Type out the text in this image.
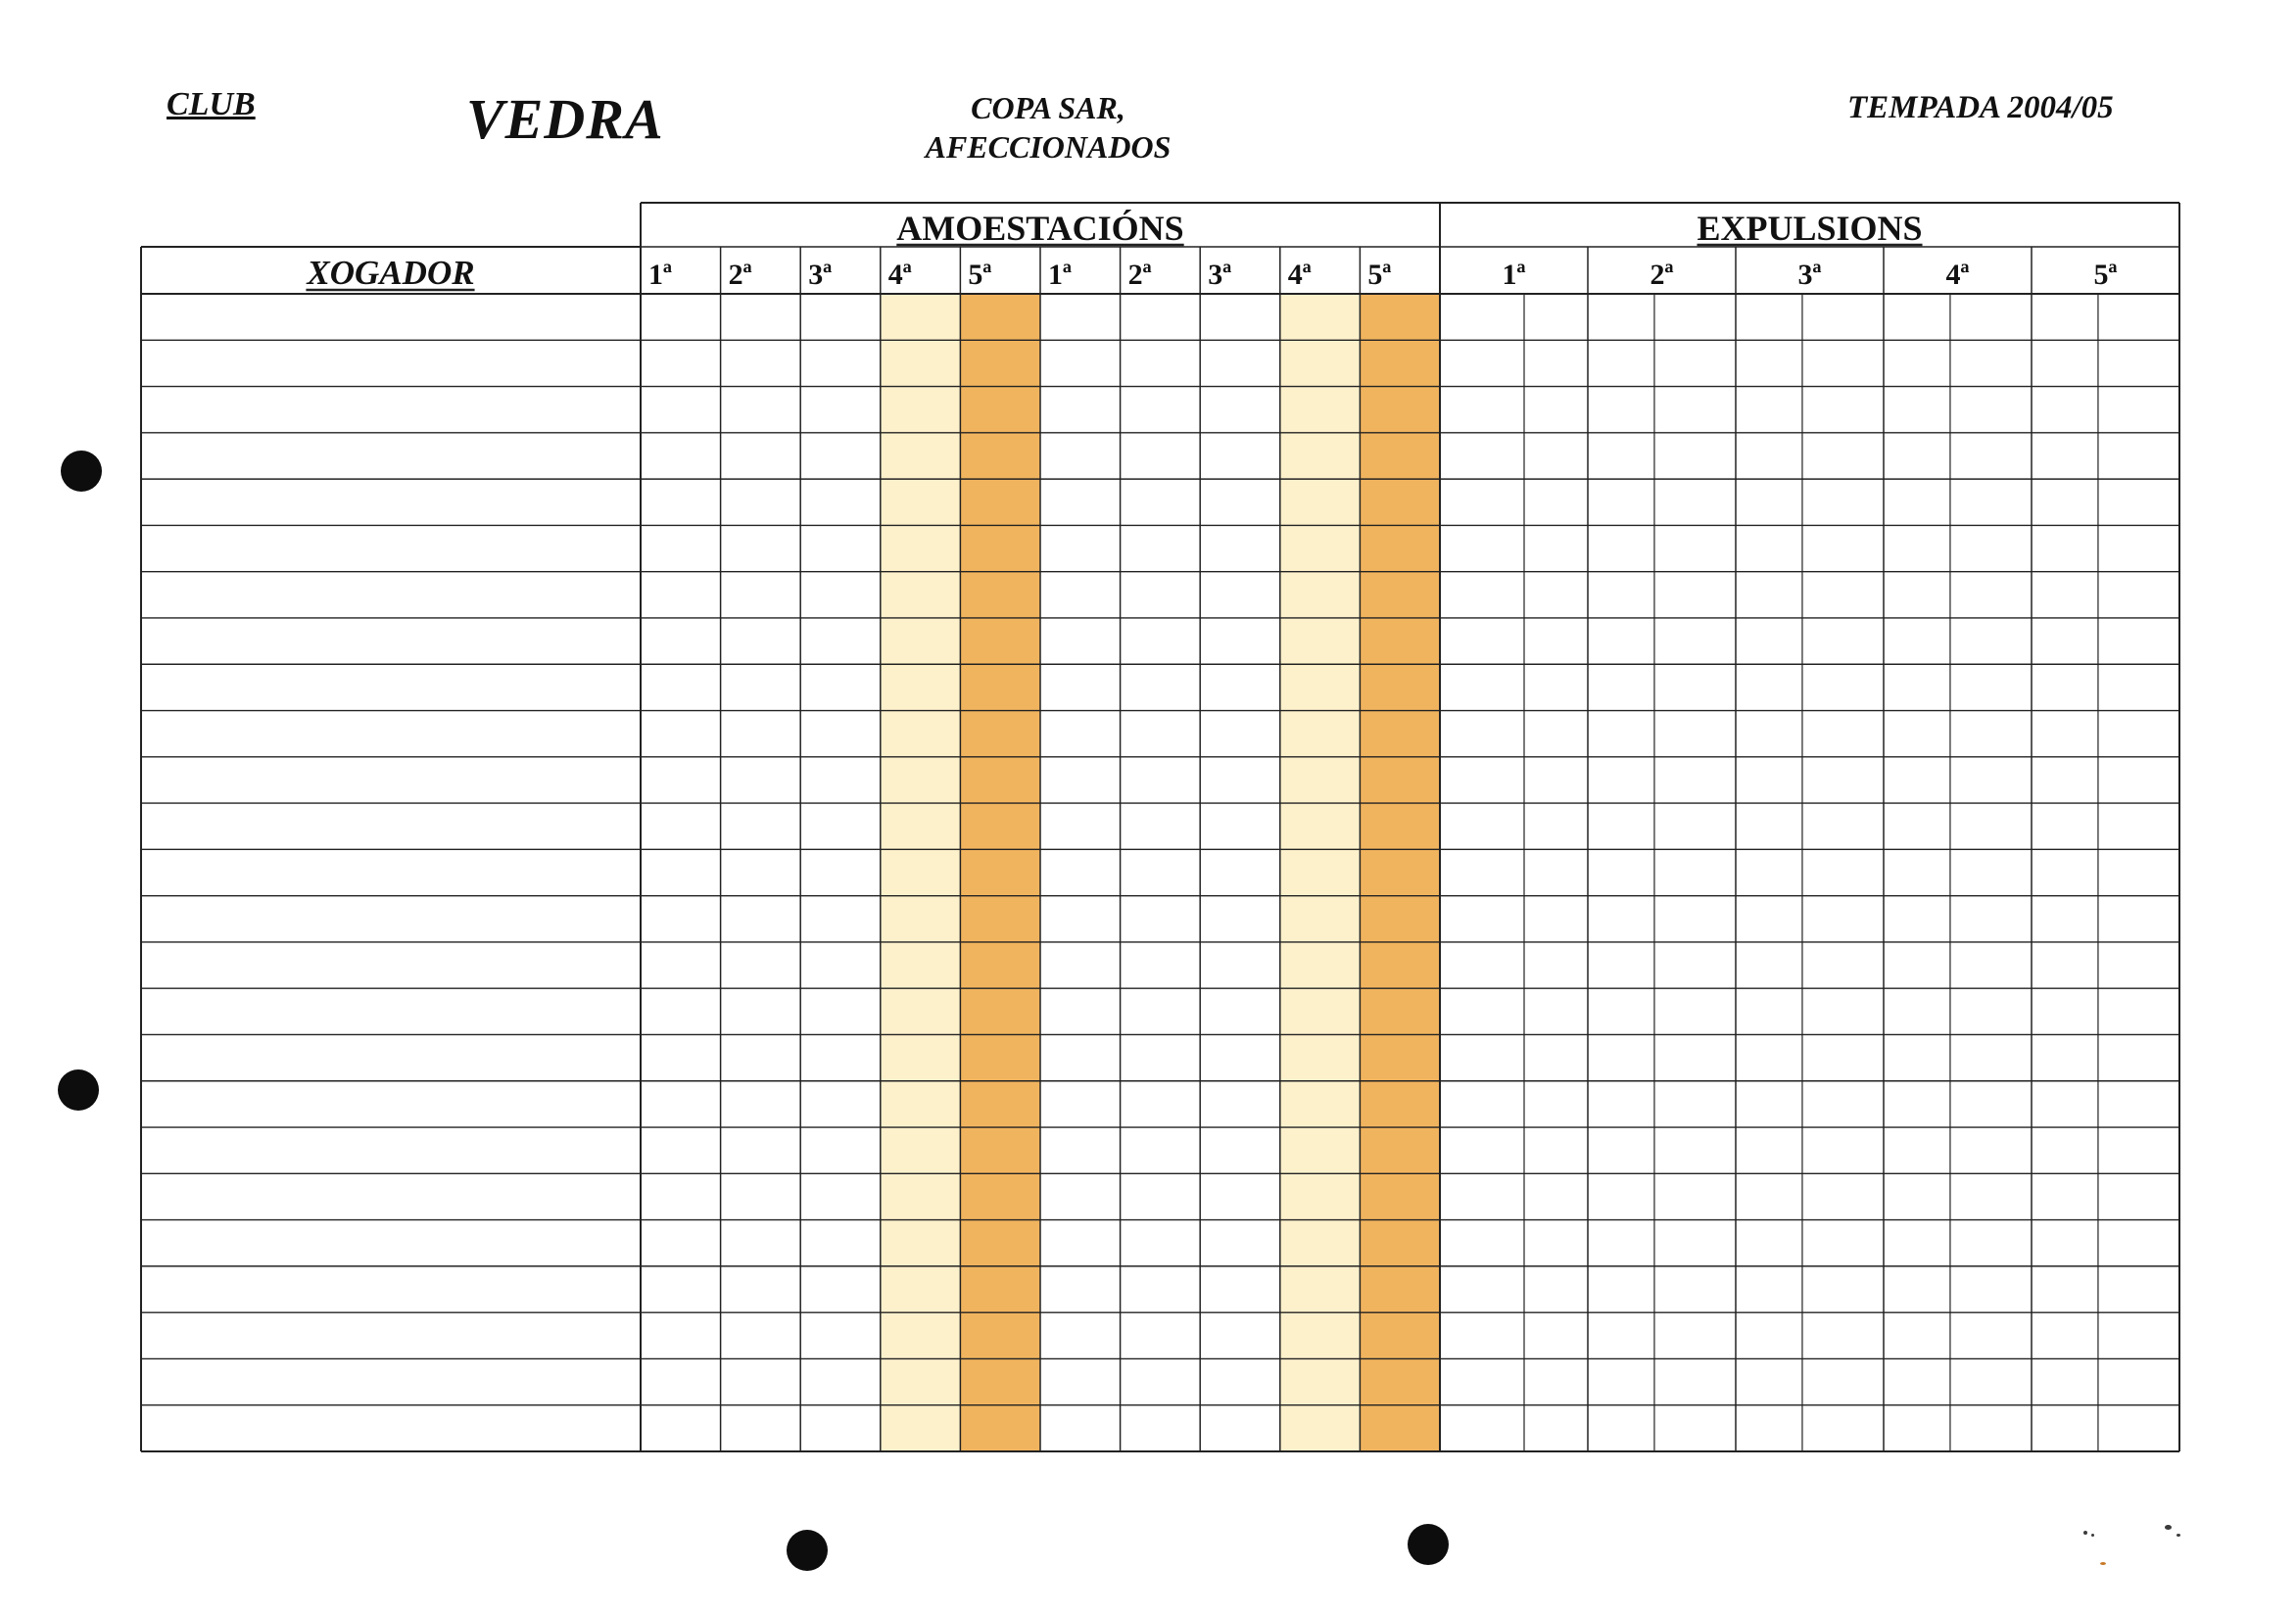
CLUB	VEDRA	COPA SAR,
AFECCIONADOS
TEMPADA 2004/05
AMOESTACIÓNS	EXPULSIONS
XOGADOR	1ª 2ª 3ª 4ª 5ª 1ª 2ª 3ª 4ª 5ª	1ª	2ª	3ª	4ª	5ª
